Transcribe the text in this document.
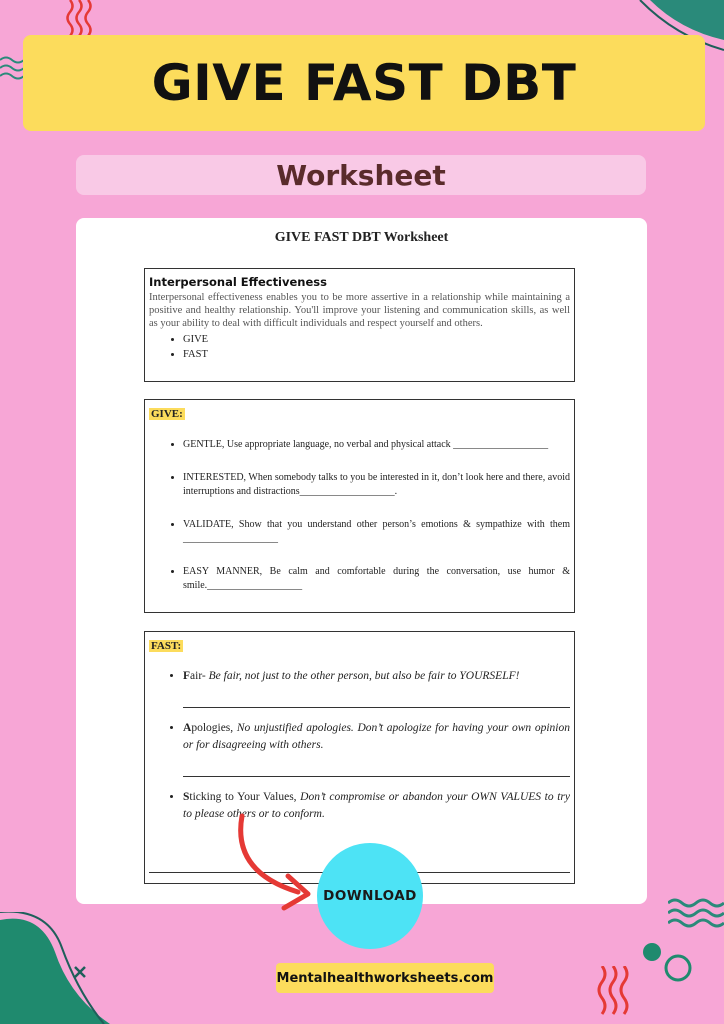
GIVE FAST DBT
Worksheet
GIVE FAST DBT Worksheet
Interpersonal Effectiveness
Interpersonal effectiveness enables you to be more assertive in a relationship while maintaining a positive and healthy relationship. You'll improve your listening and communication skills, as well as your ability to deal with difficult individuals and respect yourself and others.
• GIVE
• FAST
GIVE:
• GENTLE, Use appropriate language, no verbal and physical attack ___________________
• INTERESTED, When somebody talks to you be interested in it, don’t look here and there, avoid interruptions and distractions___________________.
• VALIDATE, Show that you understand other person’s emotions & sympathize with them ___________________
• EASY MANNER, Be calm and comfortable during the conversation, use humor & smile.___________________
FAST:
• Fair- Be fair, not just to the other person, but also be fair to YOURSELF!
• Apologies, No unjustified apologies. Don’t apologize for having your own opinion or for disagreeing with others.
• Sticking to Your Values, Don’t compromise or abandon your OWN VALUES to try to please others or to conform.
DOWNLOAD
Mentalhealthworksheets.com
